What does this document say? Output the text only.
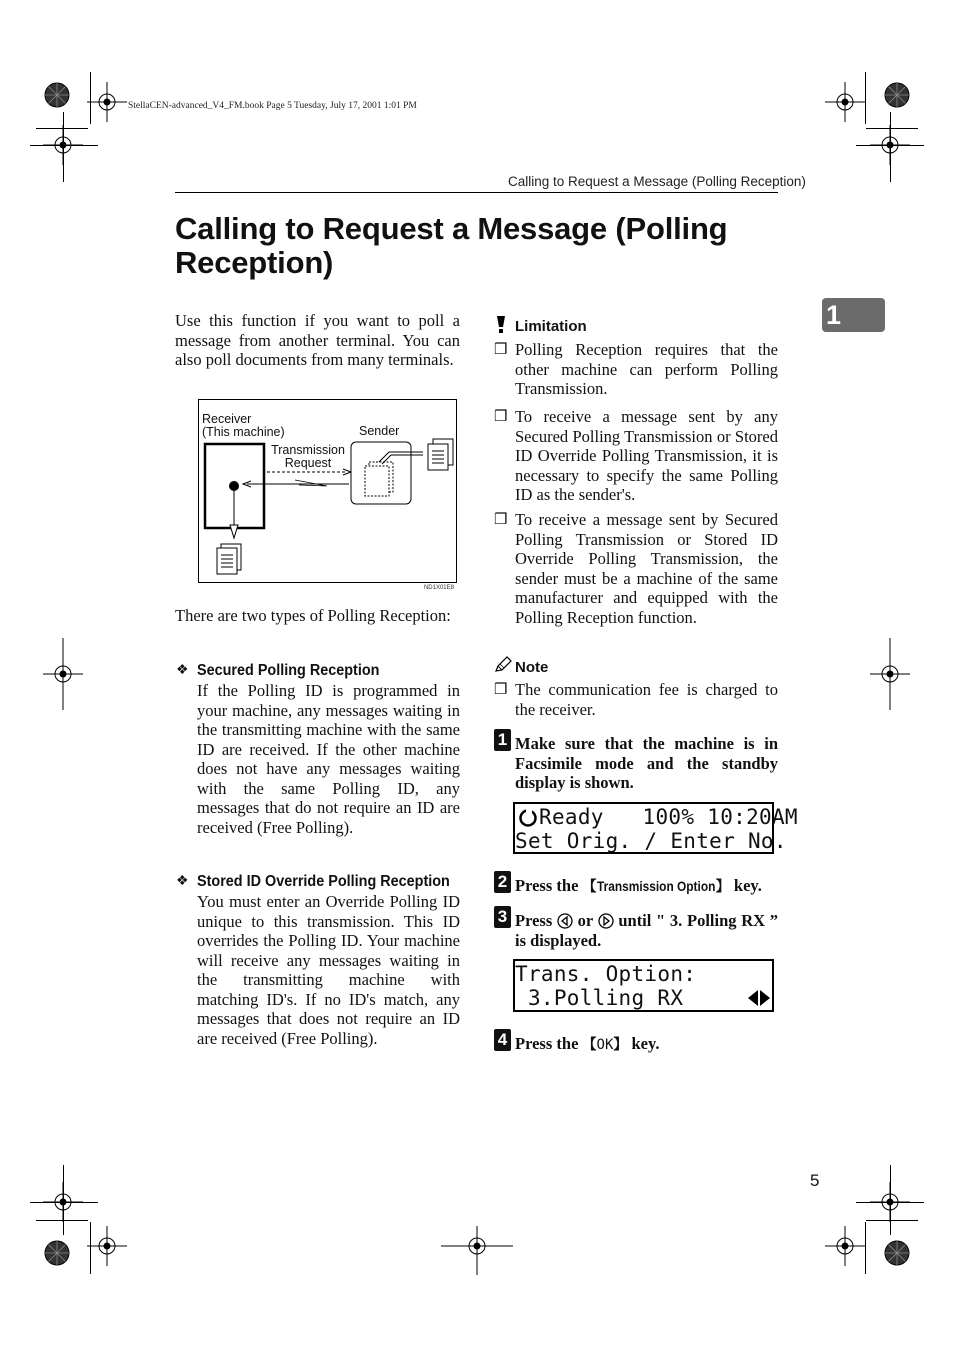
StellaCEN-advanced_V4_FM.book Page 5 Tuesday, July 17, 2001 1:01 PM
Calling to Request a Message (Polling Reception)
Calling to Request a Message (Polling
Reception)
1
Use this function if you want to poll a message from another terminal. You can also poll documents from many terminals.
Receiver
(This machine)	Sender
Transmission
Request
ND1X01E8
There are two types of Polling Reception:
❖ Secured Polling Reception
If the Polling ID is programmed in your machine, any messages waiting in the transmitting machine with the same ID are received. If the other machine does not have any messages waiting with the same Polling ID, any messages that do not require an ID are received (Free Polling).
❖ Stored ID Override Polling Reception
You must enter an Override Polling ID unique to this transmission. This ID overrides the Polling ID. Your machine will receive any messages waiting in the transmitting machine with matching ID's. If no ID's match, any messages that does not require an ID are received (Free Polling).
Limitation
❒ Polling Reception requires that the other machine can perform Polling Transmission.
❒ To receive a message sent by any Secured Polling Transmission or Stored ID Override Polling Transmission, it is necessary to specify the same Polling ID as the sender's.
❒ To receive a message sent by Secured Polling Transmission or Stored ID Override Polling Transmission, the sender must be a machine of the same manufacturer and equipped with the Polling Reception function.
Note
❒ The communication fee is charged to the receiver.
1 Make sure that the machine is in Facsimile mode and the standby display is shown.
Ready   100% 10:20AM
Set Orig. / Enter No.
2 Press the 【Transmission Option】 key.
3 Press  or  until " 3. Polling RX ” is displayed.
Trans. Option:
3.Polling RX
4 Press the 【OK】 key.
5
